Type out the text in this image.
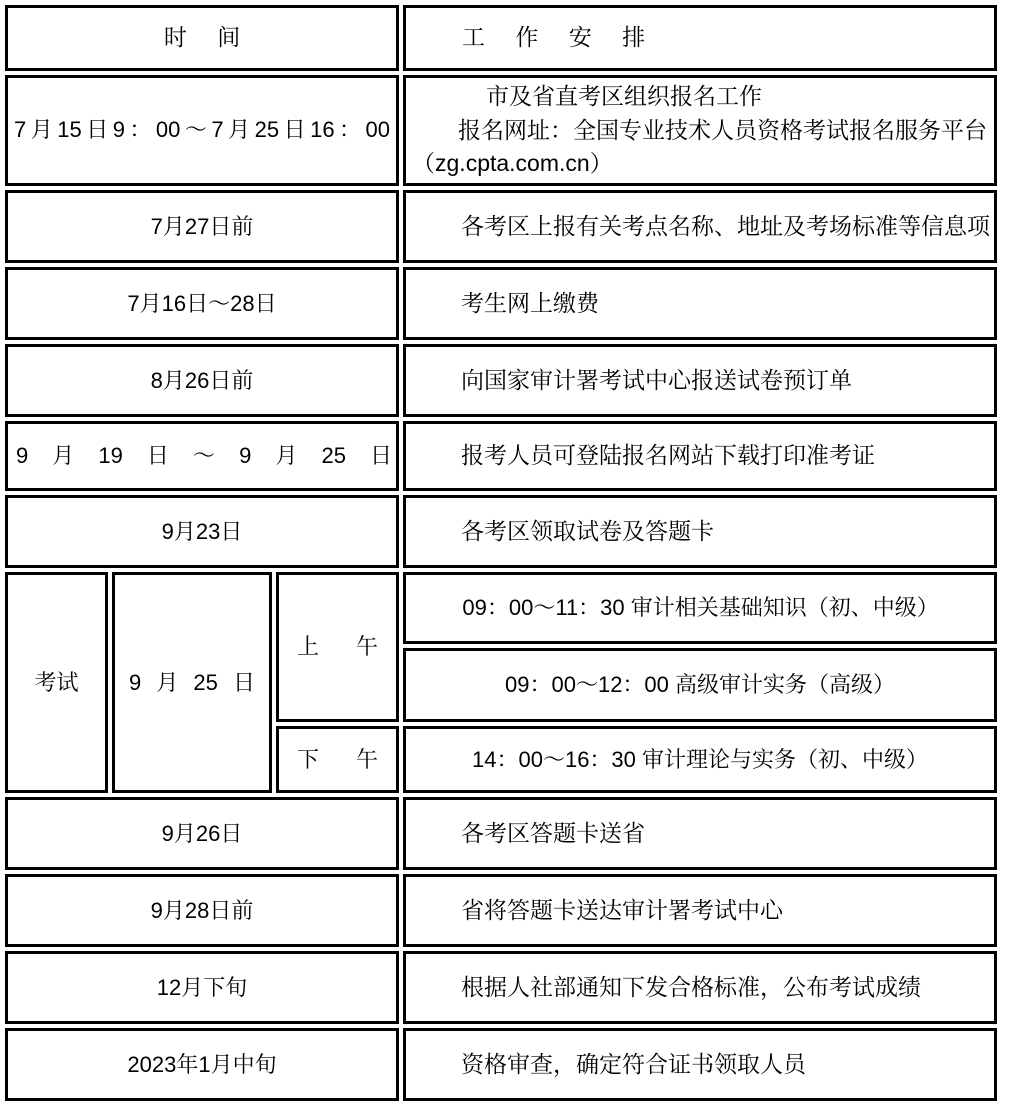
时 间			工 作 安 排

7月15日9：00～7月25日16：00			市及省直考区组织报名工作

报名网址：全国专业技术人员资格考试报名服务平台（zg.cpta.com.cn）

7月27日前			各考区上报有关考点名称、地址及考场标准等信息项

7月16日～28日			考生网上缴费

8月26日前			向国家审计署考试中心报送试卷预订单

9月19日～9月25日			报考人员可登陆报名网站下载打印准考证

9月23日			各考区领取试卷及答题卡

考试	9月25日	上午	09：00～11：30 审计相关基础知识（初、中级）

			09：00～12：00 高级审计实务（高级）

		下午	14：00～16：30 审计理论与实务（初、中级）

9月26日			各考区答题卡送省

9月28日前			省将答题卡送达审计署考试中心

12月下旬			根据人社部通知下发合格标准，公布考试成绩

2023年1月中旬			资格审查，确定符合证书领取人员
